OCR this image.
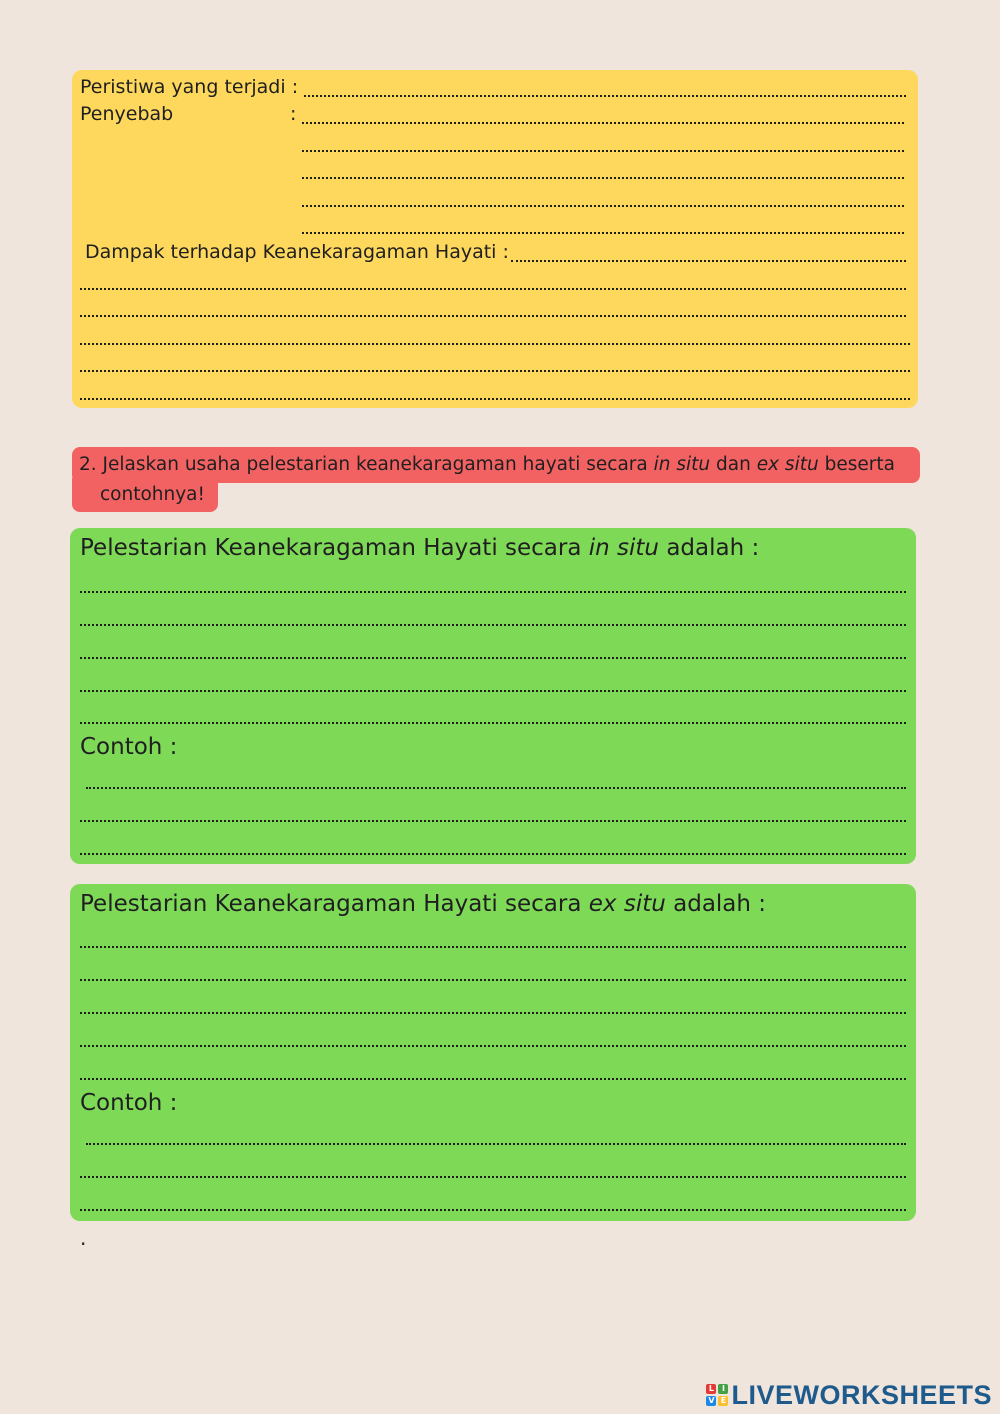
Peristiwa yang terjadi :
Penyebab	:
Dampak terhadap Keanekaragaman Hayati :
2. Jelaskan usaha pelestarian keanekaragaman hayati secara in situ dan ex situ beserta
contohnya!
Pelestarian Keanekaragaman Hayati secara in situ adalah :
Contoh :
Pelestarian Keanekaragaman Hayati secara ex situ adalah :
Contoh :
.
L I
V E LIVEWORKSHEETS
